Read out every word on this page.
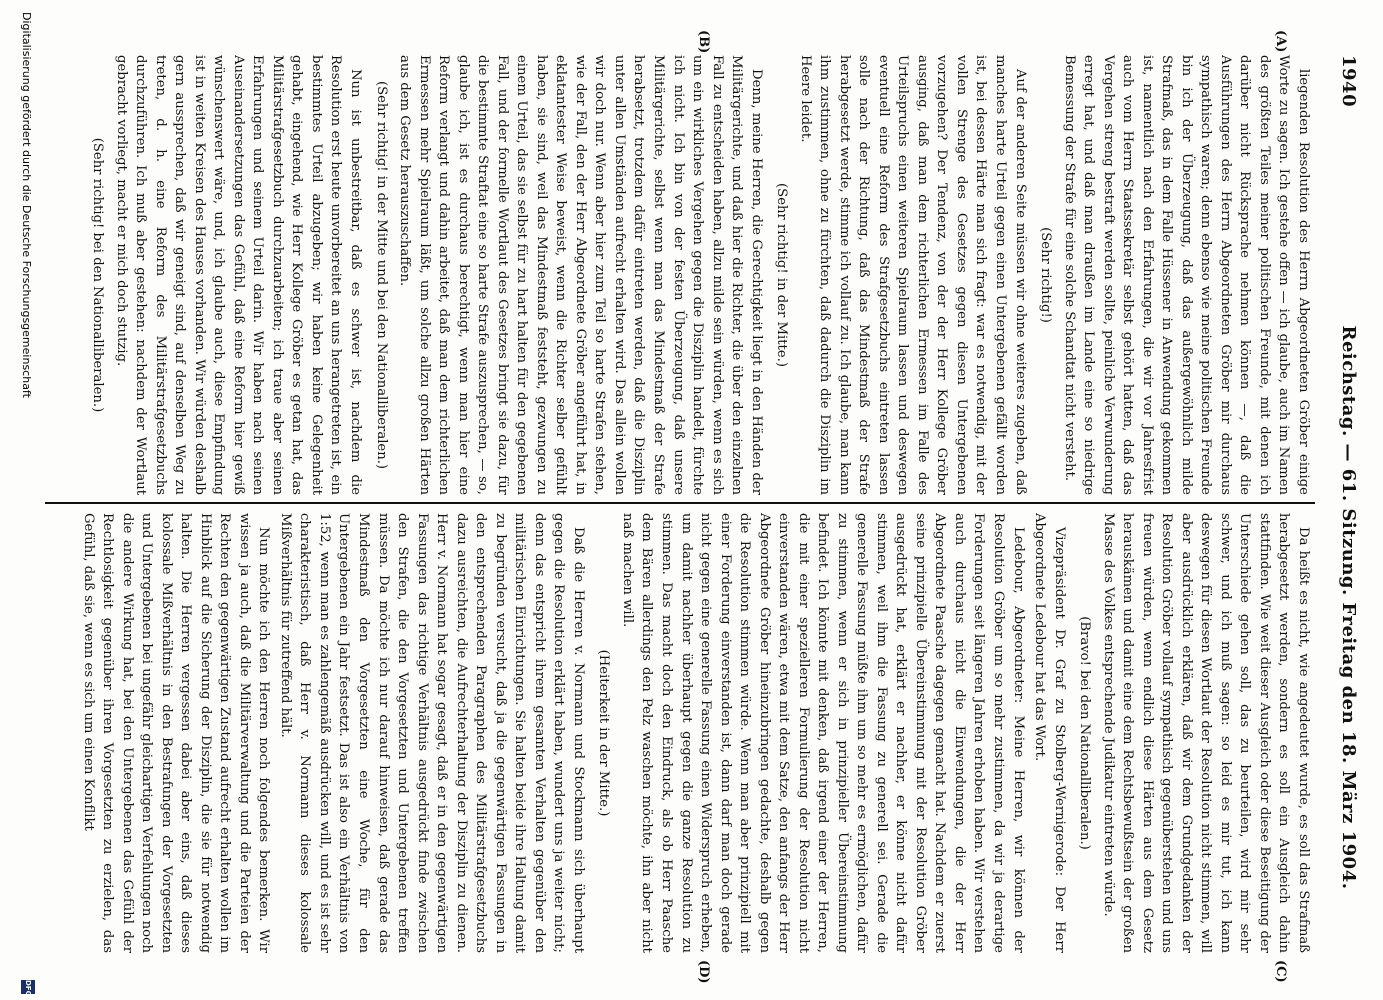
1940
Reichstag. — 61. Sitzung. Freitag den 18. März 1904.
(A)
(B)
(C)
(D)

liegenden Resolution des Herrn Abgeordneten Gröber einige Worte zu sagen. Ich gestehe offen — ich glaube, auch im Namen des größten Teiles meiner politischen Freunde, mit denen ich darüber nicht Rücksprache nehmen können —, daß die Ausführungen des Herrn Abgeordneten Gröber mir durchaus sympathisch waren; denn ebenso wie meine politischen Freunde bin ich der Überzeugung, daß das außergewöhnlich milde Strafmaß, das in dem Falle Hüssener in Anwendung gekommen ist, namentlich nach den Erfahrungen, die wir vor Jahresfrist auch vom Herrn Staatssekretär selbst gehört hatten, daß das Vergehen streng bestraft werden sollte, peinliche Verwunderung erregt hat, und daß man draußen im Lande eine so niedrige Bemessung der Strafe für eine solche Schandtat nicht versteht.

(Sehr richtig!)

Auf der anderen Seite müssen wir ohne weiteres zugeben, daß manches harte Urteil gegen einen Untergebenen gefällt worden ist, bei dessen Härte man sich fragt: war es notwendig, mit der vollen Strenge des Gesetzes gegen diesen Untergebenen vorzugehen? Der Tendenz, von der der Herr Kollege Gröber ausging, daß man dem richterlichen Ermessen im Falle des Urteilspruchs einen weiteren Spielraum lassen und deswegen eventuell eine Reform des Strafgesetzbuchs eintreten lassen solle nach der Richtung, daß das Mindestmaß der Strafe herabgesetzt werde, stimme ich vollauf zu. Ich glaube, man kann ihm zustimmen, ohne zu fürchten, daß dadurch die Disziplin im Heere leidet.

(Sehr richtig! in der Mitte.)

Denn, meine Herren, die Gerechtigkeit liegt in den Händen der Militärgerichte, und daß hier die Richter, die über den einzelnen Fall zu entscheiden haben, allzu milde sein würden, wenn es sich um ein wirkliches Vergehen gegen die Disziplin handelt, fürchte ich nicht. Ich bin von der festen Überzeugung, daß unsere Militärgerichte, selbst wenn man das Mindestmaß der Strafe herabsetzt, trotzdem dafür eintreten werden, daß die Disziplin unter allen Umständen aufrecht erhalten wird. Das allein wollen wir doch nur. Wenn aber hier zum Teil so harte Strafen stehen, wie der Fall, den der Herr Abgeordnete Gröber angeführt hat, in eklatantester Weise beweist, wenn die Richter selber gefühlt haben, sie sind, weil das Mindestmaß feststeht, gezwungen zu einem Urteil, das sie selbst für zu hart halten für den gegebenen Fall, und der formelle Wortlaut des Gesetzes bringt sie dazu, für die bestimmte Straftat eine so harte Strafe auszusprechen, — so, glaube ich, ist es durchaus berechtigt, wenn man hier eine Reform verlangt und dahin arbeitet, daß man dem richterlichen Ermessen mehr Spielraum läßt, um solche allzu großen Härten aus dem Gesetz herauszuschaffen.

(Sehr richtig! in der Mitte und bei den Nationalliberalen.)

Nun ist unbestreitbar, daß es schwer ist, nachdem die Resolution erst heute unvorbereitet an uns herangetreten ist, ein bestimmtes Urteil abzugeben; wir haben keine Gelegenheit gehabt, eingehend, wie Herr Kollege Gröber es getan hat, das Militärstrafgesetzbuch durchzuarbeiten; ich traue aber seinen Erfahrungen und seinem Urteil darin. Wir haben nach seinen Auseinandersetzungen das Gefühl, daß eine Reform hier gewiß wünschenswert wäre, und, ich glaube auch, diese Empfindung ist in weiten Kreisen des Hauses vorhanden. Wir würden deshalb gern aussprechen, daß wir geneigt sind, auf denselben Weg zu treten, d. h. eine Reform des Militärstrafgesetzbuchs durchzuführen. Ich muß aber gestehen: nachdem der Wortlaut gebracht vorliegt, macht er mich doch stutzig.

(Sehr richtig! bei den Nationalliberalen.)

Da heißt es nicht, wie angedeutet wurde, es soll das Strafmaß herabgesetzt werden, sondern es soll ein Ausgleich dahin stattfinden. Wie weit dieser Ausgleich oder diese Beseitigung der Unterschiede gehen soll, das zu beurteilen, wird mir sehr schwer, und ich muß sagen: so leid es mir tut, ich kann deswegen für diesen Wortlaut der Resolution nicht stimmen, will aber ausdrücklich erklären, daß wir dem Grundgedanken der Resolution Gröber vollauf sympathisch gegenüberstehen und uns freuen würden, wenn endlich diese Härten aus dem Gesetz herauskämen und damit eine dem Rechtsbewußtsein der großen Masse des Volkes entsprechende Judikatur eintreten würde.

(Bravo! bei den Nationalliberalen.)

Vizepräsident Dr. Graf zu Stolberg-Wernigerode: Der Herr Abgeordnete Ledebour hat das Wort.

Ledebour, Abgeordneter: Meine Herren, wir können der Resolution Gröber um so mehr zustimmen, da wir ja derartige Forderungen seit längeren Jahren erhoben haben. Wir verstehen auch durchaus nicht die Einwendungen, die der Herr Abgeordnete Paasche dagegen gemacht hat. Nachdem er zuerst seine prinzipielle Übereinstimmung mit der Resolution Gröber ausgedrückt hat, erklärt er nachher, er könne nicht dafür stimmen, weil ihm die Fassung zu generell sei. Gerade die generelle Fassung müßte ihm um so mehr es ermöglichen, dafür zu stimmen, wenn er sich in prinzipieller Übereinstimmung befindet. Ich könnte mit denken, daß irgend einer der Herren, die mit einer spezielleren Formulierung der Resolution nicht einverstanden wären, etwa mit dem Satze, den anfangs der Herr Abgeordnete Gröber hineinzubringen gedachte, deshalb gegen die Resolution stimmen würde. Wenn man aber prinzipiell mit einer Forderung einverstanden ist, dann darf man doch gerade nicht gegen eine generelle Fassung einen Widerspruch erheben, um damit nachher überhaupt gegen die ganze Resolution zu stimmen. Das macht doch den Eindruck, als ob Herr Paasche dem Bären allerdings den Pelz waschen möchte, ihn aber nicht naß machen will.

(Heiterkeit in der Mitte.)

Daß die Herren v. Normann und Stockmann sich überhaupt gegen die Resolution erklärt haben, wundert uns ja weiter nicht; denn das entspricht ihrem gesamten Verhalten gegenüber den militärischen Einrichtungen. Sie halten beide ihre Haltung damit zu begründen versucht, daß ja die gegenwärtigen Fassungen in den entsprechenden Paragraphen des Militärstrafgesetzbuchs dazu ausreichten, die Aufrechterhaltung der Disziplin zu dienen. Herr v. Normann hat sogar gesagt, daß er in den gegenwärtigen Fassungen das richtige Verhältnis ausgedrückt finde zwischen den Strafen, die den Vorgesetzten und Untergebenen treffen müssen. Da möchte ich nur darauf hinweisen, daß gerade das Mindestmaß den Vorgesetzten eine Woche, für den Untergebenen ein Jahr festsetzt. Das ist also ein Verhältnis von 1:52, wenn man es zahlengemäß ausdrücken will, und es ist sehr charakteristisch, daß Herr v. Normann dieses kolossale Mißverhältnis für zutreffend hält.

Nun möchte ich den Herren noch folgendes bemerken. Wir wissen ja auch, daß die Militärverwaltung und die Parteien der Rechten den gegenwärtigen Zustand aufrecht erhalten wollen im Hinblick auf die Sicherung der Disziplin, die sie für notwendig halten. Die Herren vergessen dabei aber eins, daß dieses kolossale Mißverhältnis in den Bestrafungen der Vorgesetzten und Untergebenen bei ungefähr gleichartigen Verfehlungen noch die andere Wirkung hat, bei den Untergebenen das Gefühl der Rechtlosigkeit gegenüber ihren Vorgesetzten zu erzielen, das Gefühl, daß sie, wenn es sich um einen Konflikt

Digitalisierung gefördert durch die Deutsche Forschungsgemeinschaft
DFG
